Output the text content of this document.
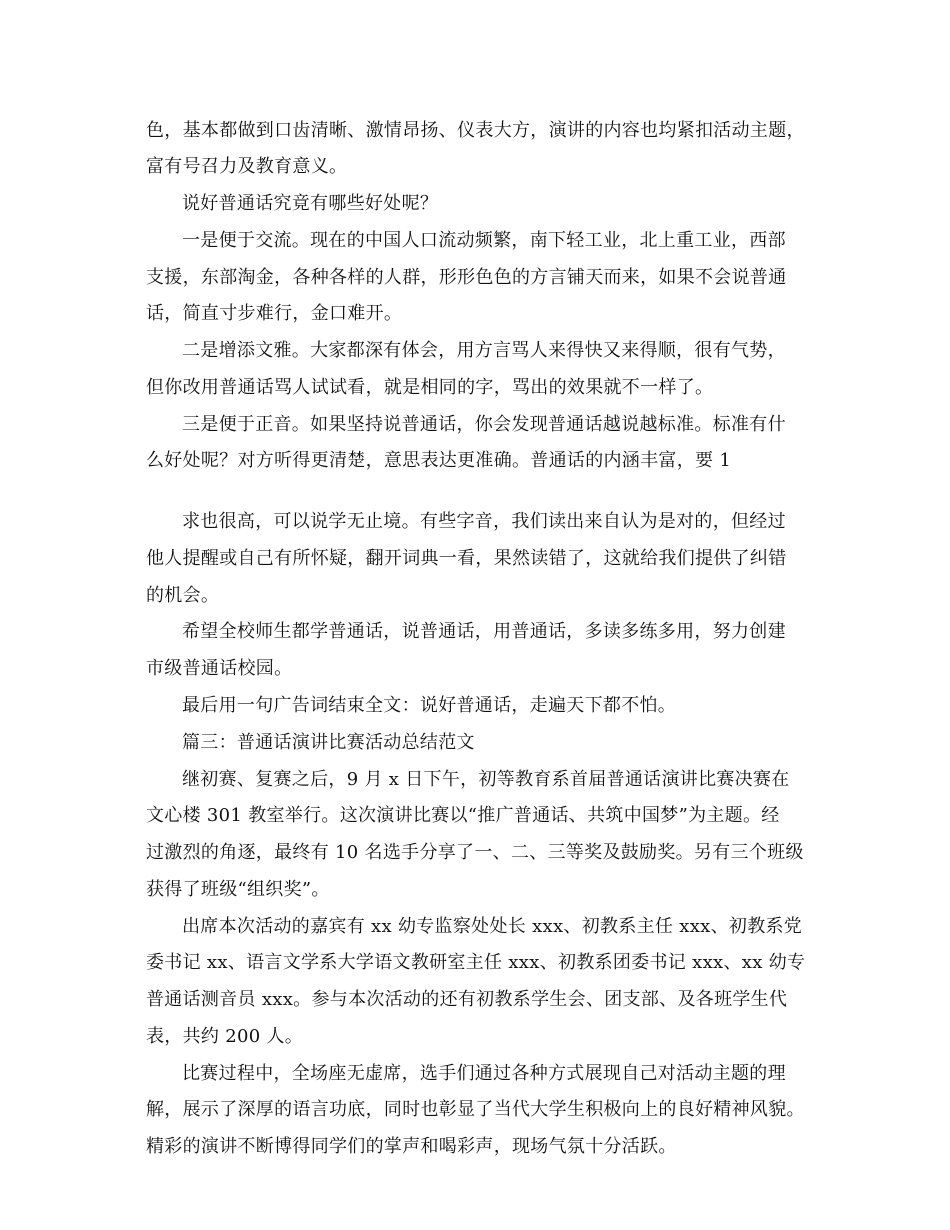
色，基本都做到口齿清晰、激情昂扬、仪表大方，演讲的内容也均紧扣活动主题，
富有号召力及教育意义。
说好普通话究竟有哪些好处呢？
一是便于交流。现在的中国人口流动频繁，南下轻工业，北上重工业，西部
支援，东部淘金，各种各样的人群，形形色色的方言铺天而来，如果不会说普通
话，简直寸步难行，金口难开。
二是增添文雅。大家都深有体会，用方言骂人来得快又来得顺，很有气势，
但你改用普通话骂人试试看，就是相同的字，骂出的效果就不一样了。
三是便于正音。如果坚持说普通话，你会发现普通话越说越标准。标准有什
么好处呢？对方听得更清楚，意思表达更准确。普通话的内涵丰富，要 1
求也很高，可以说学无止境。有些字音，我们读出来自认为是对的，但经过
他人提醒或自己有所怀疑，翻开词典一看，果然读错了，这就给我们提供了纠错
的机会。
希望全校师生都学普通话，说普通话，用普通话，多读多练多用，努力创建
市级普通话校园。
最后用一句广告词结束全文：说好普通话，走遍天下都不怕。
篇三：普通话演讲比赛活动总结范文
继初赛、复赛之后，9 月 x 日下午，初等教育系首届普通话演讲比赛决赛在
文心楼 301 教室举行。这次演讲比赛以“推广普通话、共筑中国梦”为主题。经
过激烈的角逐，最终有 10 名选手分享了一、二、三等奖及鼓励奖。另有三个班级
获得了班级“组织奖”。
出席本次活动的嘉宾有 xx 幼专监察处处长 xxx、初教系主任 xxx、初教系党
委书记 xx、语言文学系大学语文教研室主任 xxx、初教系团委书记 xxx、xx 幼专
普通话测音员 xxx。参与本次活动的还有初教系学生会、团支部、及各班学生代
表，共约 200 人。
比赛过程中，全场座无虚席，选手们通过各种方式展现自己对活动主题的理
解，展示了深厚的语言功底，同时也彰显了当代大学生积极向上的良好精神风貌。
精彩的演讲不断博得同学们的掌声和喝彩声，现场气氛十分活跃。
